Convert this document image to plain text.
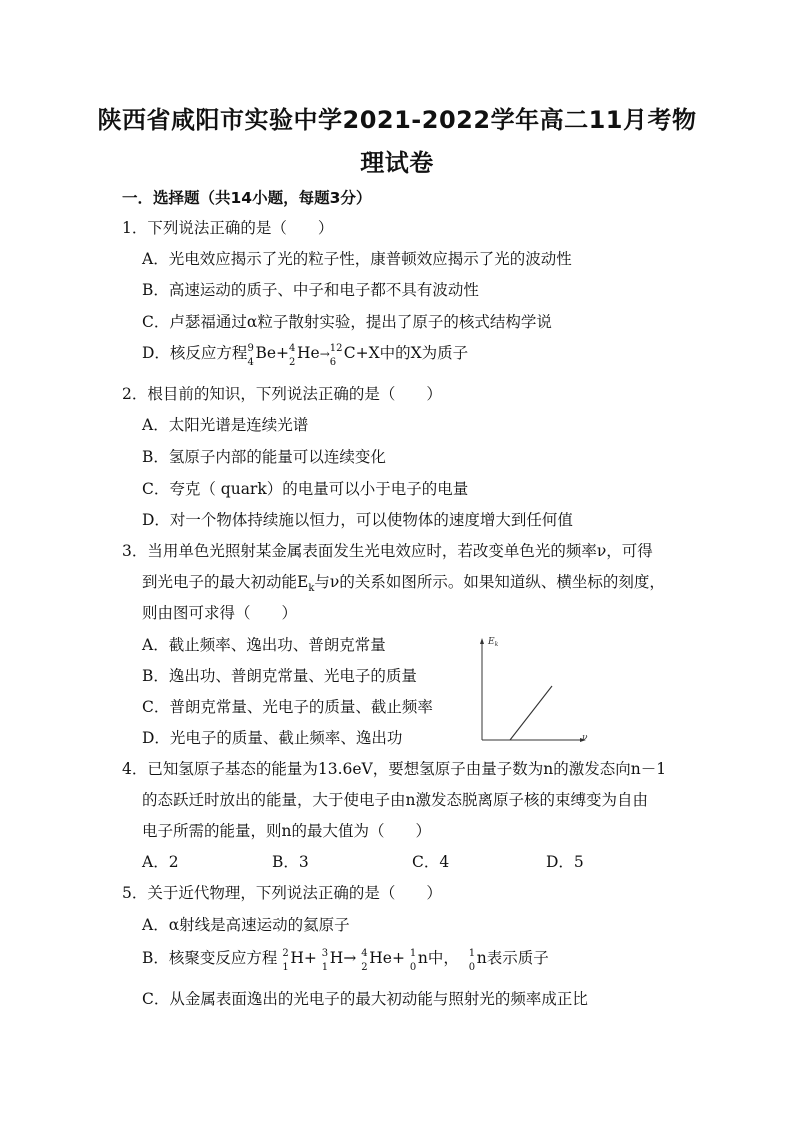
陕西省咸阳市实验中学2021-2022学年高二11月考物
理试卷
一．选择题（共14小题，每题3分）
1．下列说法正确的是（　　）
A．光电效应揭示了光的粒子性，康普顿效应揭示了光的波动性
B．高速运动的质子、中子和电子都不具有波动性
C．卢瑟福通过α粒子散射实验，提出了原子的核式结构学说
D．核反应方程 9
4
Be+ 4
2
He→ 12
6
C+X中的X为质子
2．根目前的知识，下列说法正确的是（　　）
A．太阳光谱是连续光谱
B．氢原子内部的能量可以连续变化
C．夸克（ quark）的电量可以小于电子的电量
D．对一个物体持续施以恒力，可以使物体的速度增大到任何值
3．当用单色光照射某金属表面发生光电效应时，若改变单色光的频率ν，可得
到光电子的最大初动能$E_k$与ν的关系如图所示。如果知道纵、横坐标的刻度，
则由图可求得（　　）
A．截止频率、逸出功、普朗克常量
B．逸出功、普朗克常量、光电子的质量
C．普朗克常量、光电子的质量、截止频率
D．光电子的质量、截止频率、逸出功
$E_k$
ν
4．已知氢原子基态的能量为13.6eV，要想氢原子由量子数为n的激发态向n－1
的态跃迁时放出的能量，大于使电子由n激发态脱离原子核的束缚变为自由
电子所需的能量，则n的最大值为（　　）
A．2	B．3	C．4	D．5
5．关于近代物理，下列说法正确的是（　　）
A．α射线是高速运动的氦原子
B．核聚变反应方程 2
1
H+ 3
1
H→ 4
2
He+ 1
0
n中， 1
0
n表示质子
C．从金属表面逸出的光电子的最大初动能与照射光的频率成正比
